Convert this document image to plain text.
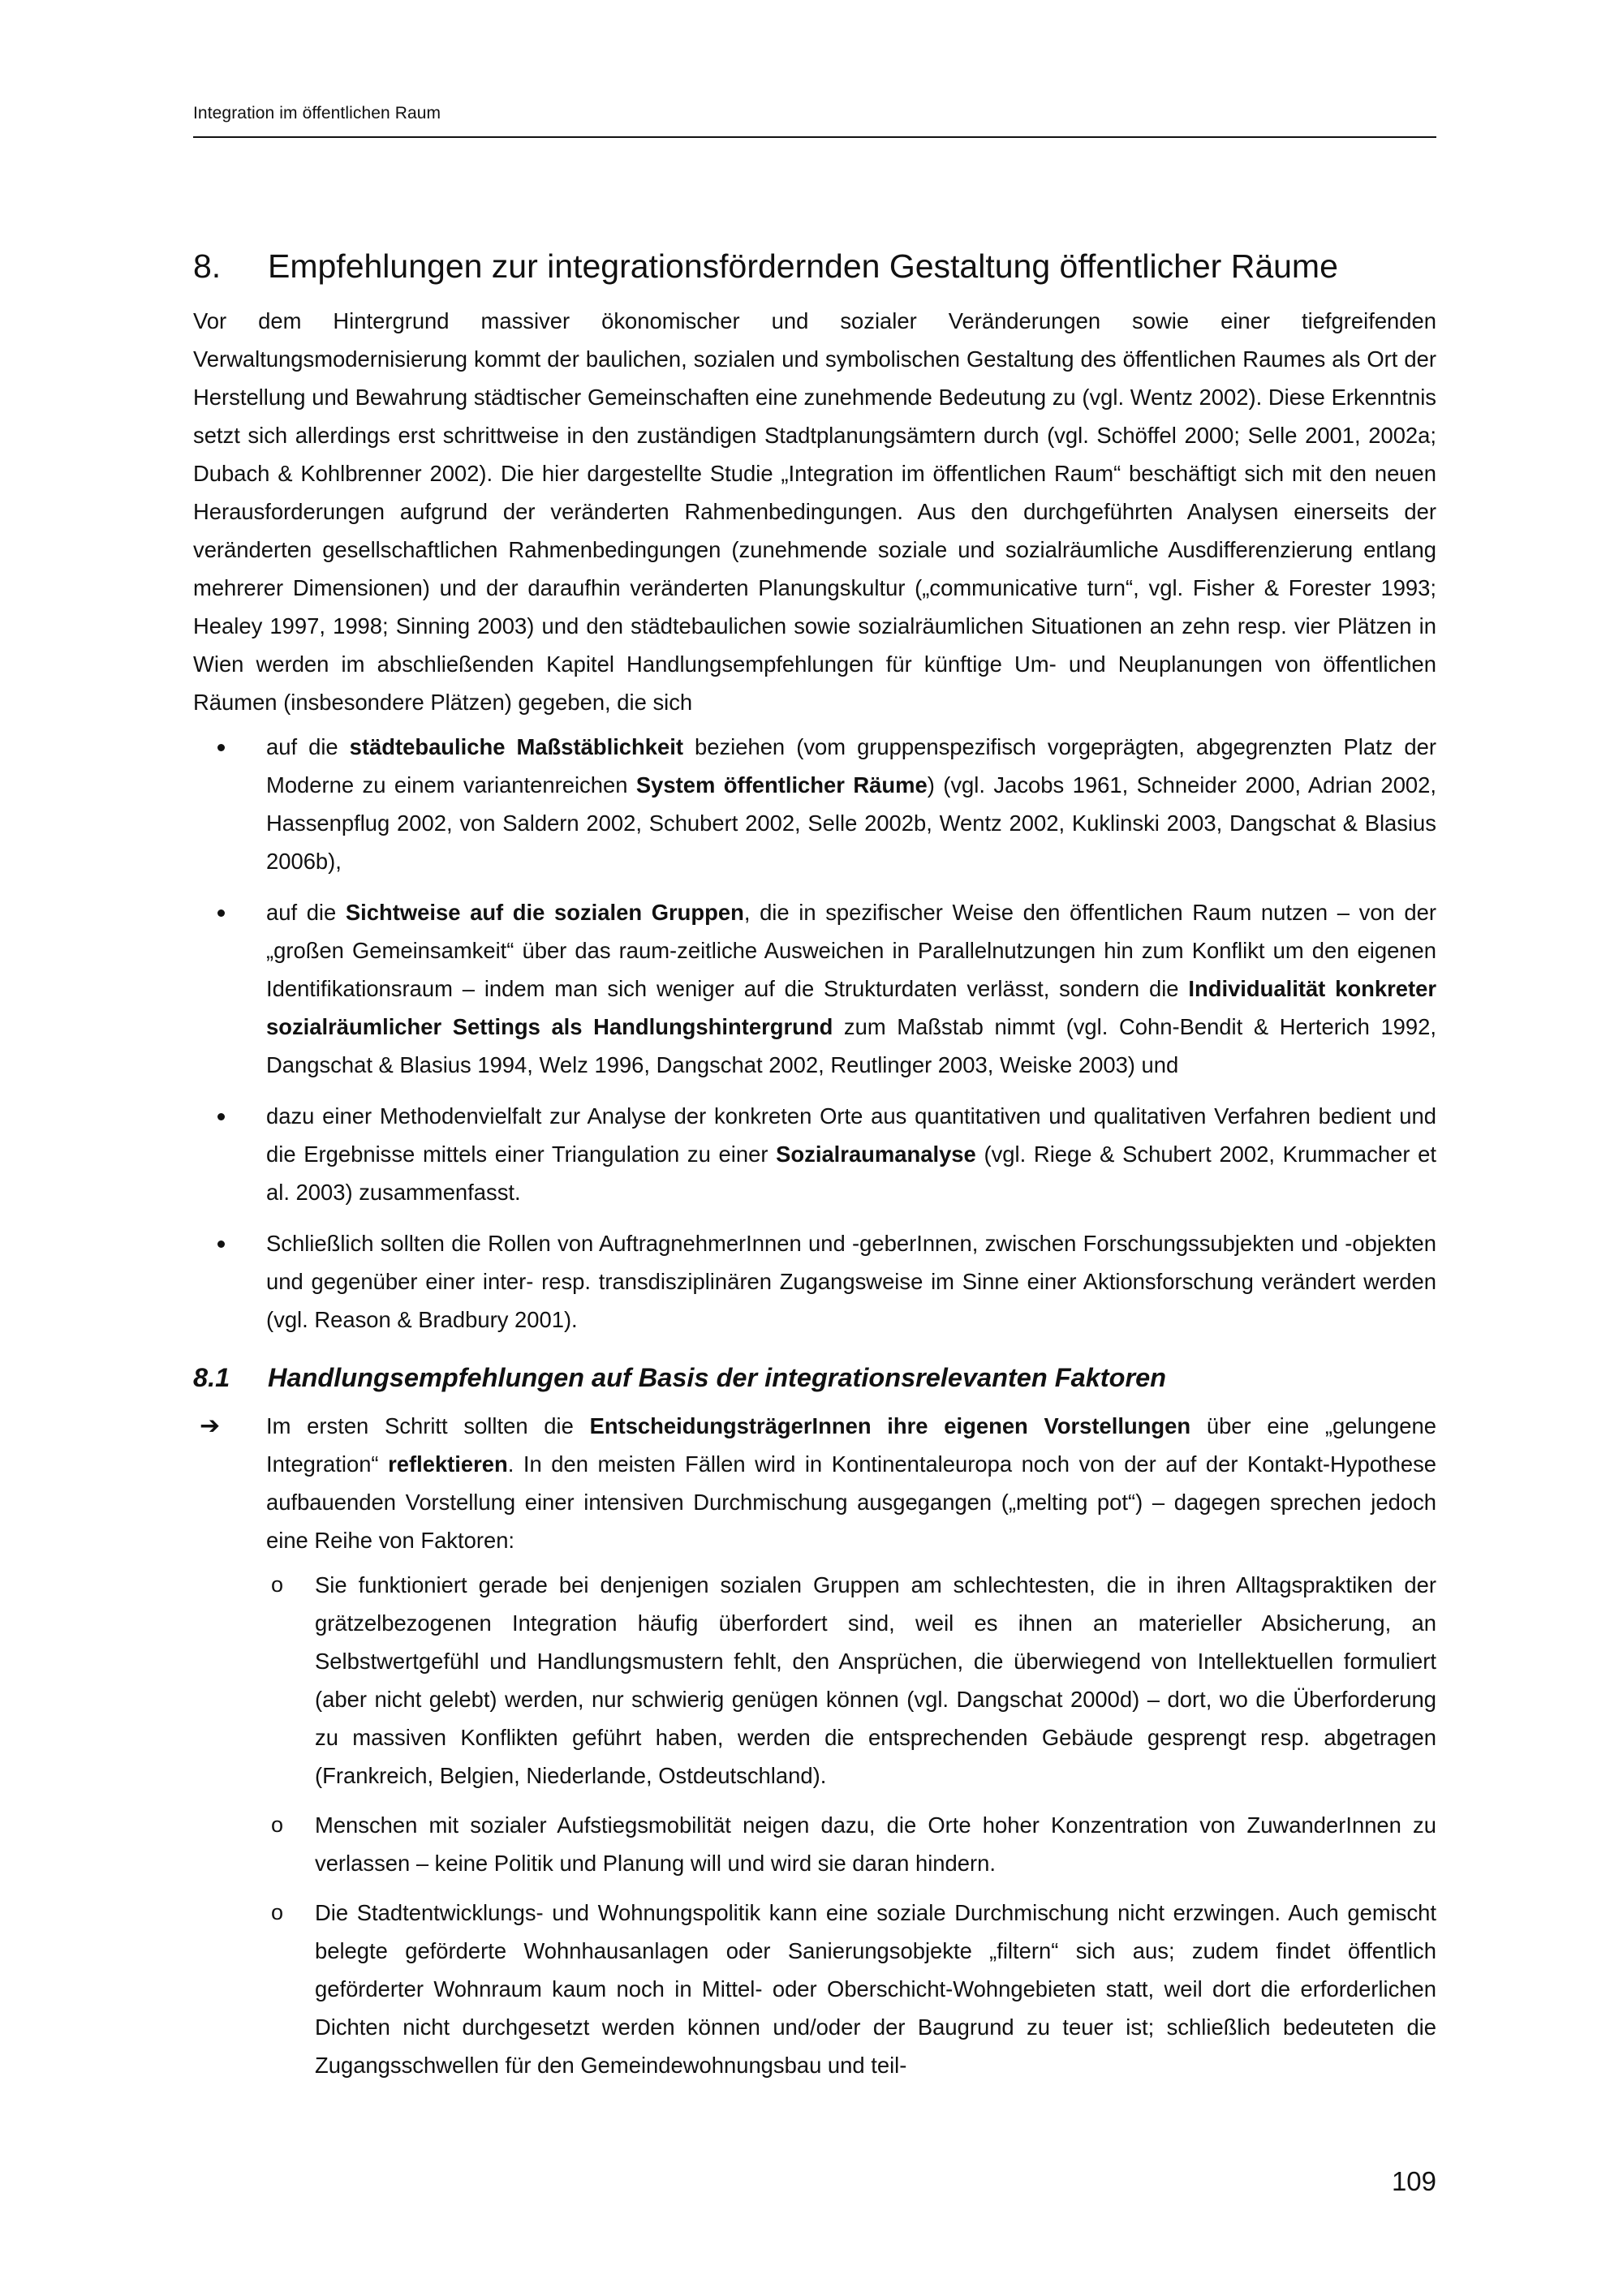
Integration im öffentlichen Raum
8.	Empfehlungen zur integrationsfördernden Gestaltung öffentlicher Räume

Vor dem Hintergrund massiver ökonomischer und sozialer Veränderungen sowie einer tiefgreifenden Verwaltungsmodernisierung kommt der baulichen, sozialen und symbolischen Gestaltung des öffentlichen Raumes als Ort der Herstellung und Bewahrung städtischer Gemeinschaften eine zunehmende Bedeutung zu (vgl. Wentz 2002). Diese Erkenntnis setzt sich allerdings erst schrittweise in den zuständigen Stadtplanungsämtern durch (vgl. Schöffel 2000; Selle 2001, 2002a; Dubach & Kohlbrenner 2002). Die hier dargestellte Studie „Integration im öffentlichen Raum“ beschäftigt sich mit den neuen Herausforderungen aufgrund der veränderten Rahmenbedingungen. Aus den durchgeführten Analysen einerseits der veränderten gesellschaftlichen Rahmenbedingungen (zunehmende soziale und sozialräumliche Ausdifferenzierung entlang mehrerer Dimensionen) und der daraufhin veränderten Planungskultur („communicative turn“, vgl. Fisher & Forester 1993; Healey 1997, 1998; Sinning 2003) und den städtebaulichen sowie sozialräumlichen Situationen an zehn resp. vier Plätzen in Wien werden im abschließenden Kapitel Handlungsempfehlungen für künftige Um- und Neuplanungen von öffentlichen Räumen (insbesondere Plätzen) gegeben, die sich

auf die städtebauliche Maßstäblichkeit beziehen (vom gruppenspezifisch vorgeprägten, abgegrenzten Platz der Moderne zu einem variantenreichen System öffentlicher Räume) (vgl. Jacobs 1961, Schneider 2000, Adrian 2002, Hassenpflug 2002, von Saldern 2002, Schubert 2002, Selle 2002b, Wentz 2002, Kuklinski 2003, Dangschat & Blasius 2006b),
auf die Sichtweise auf die sozialen Gruppen, die in spezifischer Weise den öffentlichen Raum nutzen – von der „großen Gemeinsamkeit“ über das raum-zeitliche Ausweichen in Parallelnutzungen hin zum Konflikt um den eigenen Identifikationsraum – indem man sich weniger auf die Strukturdaten verlässt, sondern die Individualität konkreter sozialräumlicher Settings als Handlungshintergrund zum Maßstab nimmt (vgl. Cohn-Bendit & Herterich 1992, Dangschat & Blasius 1994, Welz 1996, Dangschat 2002, Reutlinger 2003, Weiske 2003) und
dazu einer Methodenvielfalt zur Analyse der konkreten Orte aus quantitativen und qualitativen Verfahren bedient und die Ergebnisse mittels einer Triangulation zu einer Sozialraumanalyse (vgl. Riege & Schubert 2002, Krummacher et al. 2003) zusammenfasst.
Schließlich sollten die Rollen von AuftragnehmerInnen und -geberInnen, zwischen Forschungssubjekten und -objekten und gegenüber einer inter- resp. transdisziplinären Zugangsweise im Sinne einer Aktionsforschung verändert werden (vgl. Reason & Bradbury 2001).
8.1	Handlungsempfehlungen auf Basis der integrationsrelevanten Faktoren
➔ Im ersten Schritt sollten die EntscheidungsträgerInnen ihre eigenen Vorstellungen über eine „gelungene Integration“ reflektieren. In den meisten Fällen wird in Kontinentaleuropa noch von der auf der Kontakt-Hypothese aufbauenden Vorstellung einer intensiven Durchmischung ausgegangen („melting pot“) – dagegen sprechen jedoch eine Reihe von Faktoren:
o Sie funktioniert gerade bei denjenigen sozialen Gruppen am schlechtesten, die in ihren Alltagspraktiken der grätzelbezogenen Integration häufig überfordert sind, weil es ihnen an materieller Absicherung, an Selbstwertgefühl und Handlungsmustern fehlt, den Ansprüchen, die überwiegend von Intellektuellen formuliert (aber nicht gelebt) werden, nur schwierig genügen können (vgl. Dangschat 2000d) – dort, wo die Überforderung zu massiven Konflikten geführt haben, werden die entsprechenden Gebäude gesprengt resp. abgetragen (Frankreich, Belgien, Niederlande, Ostdeutschland).
o Menschen mit sozialer Aufstiegsmobilität neigen dazu, die Orte hoher Konzentration von ZuwanderInnen zu verlassen – keine Politik und Planung will und wird sie daran hindern.
o Die Stadtentwicklungs- und Wohnungspolitik kann eine soziale Durchmischung nicht erzwingen. Auch gemischt belegte geförderte Wohnhausanlagen oder Sanierungsobjekte „filtern“ sich aus; zudem findet öffentlich geförderter Wohnraum kaum noch in Mittel- oder Oberschicht-Wohngebieten statt, weil dort die erforderlichen Dichten nicht durchgesetzt werden können und/oder der Baugrund zu teuer ist; schließlich bedeuteten die Zugangsschwellen für den Gemeindewohnungsbau und teil-
109
